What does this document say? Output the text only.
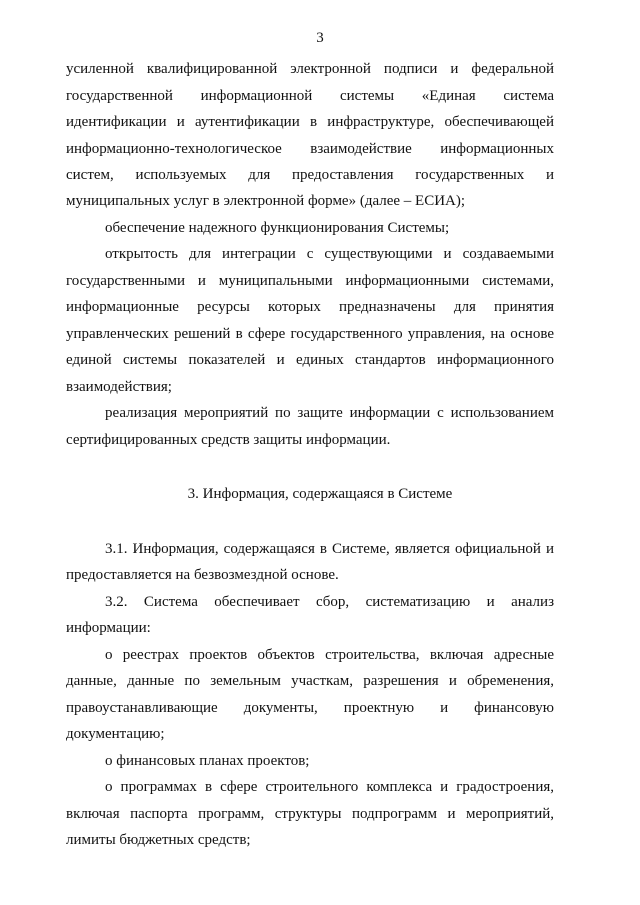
3
усиленной квалифицированной электронной подписи и федеральной
государственной информационной системы «Единая система
идентификации и аутентификации в инфраструктуре, обеспечивающей
информационно-технологическое взаимодействие информационных
систем, используемых для предоставления государственных и
муниципальных услуг в электронной форме» (далее – ЕСИА);
обеспечение надежного функционирования Системы;
открытость для интеграции с существующими и создаваемыми
государственными и муниципальными информационными системами,
информационные ресурсы которых предназначены для принятия
управленческих решений в сфере государственного управления, на основе
единой системы показателей и единых стандартов информационного
взаимодействия;
реализация мероприятий по защите информации с использованием
сертифицированных средств защиты информации.
3. Информация, содержащаяся в Системе
3.1. Информация, содержащаяся в Системе, является официальной и
предоставляется на безвозмездной основе.
3.2. Система обеспечивает сбор, систематизацию и анализ
информации:
о реестрах проектов объектов строительства, включая адресные
данные, данные по земельным участкам, разрешения и обременения,
правоустанавливающие документы, проектную и финансовую
документацию;
о финансовых планах проектов;
о программах в сфере строительного комплекса и градостроения,
включая паспорта программ, структуры подпрограмм и мероприятий,
лимиты бюджетных средств;
